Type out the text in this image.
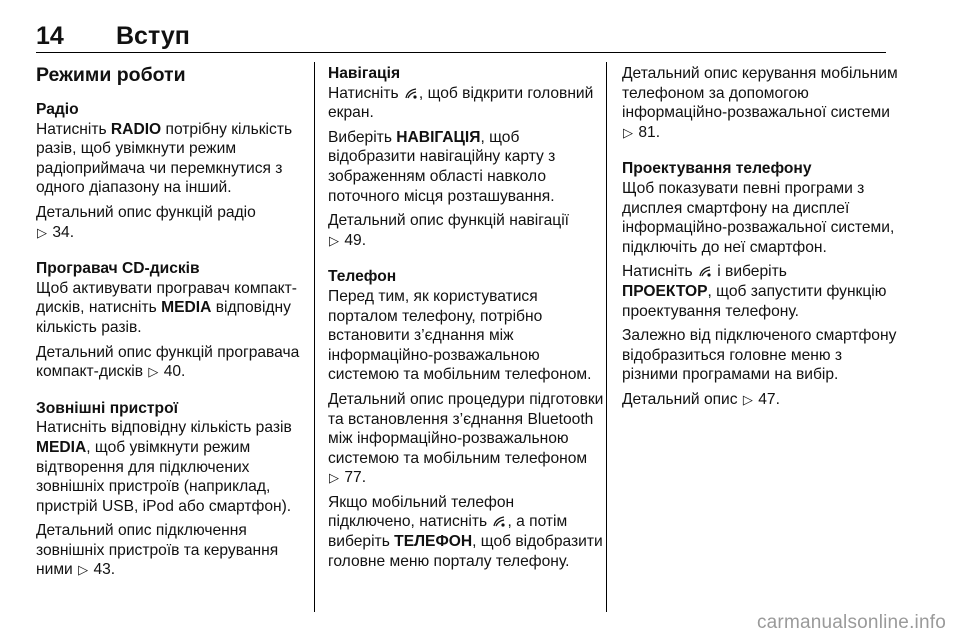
14 Вступ
Режими роботи
Радіо

Натисніть RADIO потрібну кількість разів, щоб увімкнути режим радіоприймача чи перемкнутися з одного діапазону на інший.

Детальний опис функцій радіо
▷ 34.

Програвач CD-дисків

Щоб активувати програвач компакт-дисків, натисніть MEDIA відповідну кількість разів.

Детальний опис функцій програвача компакт-дисків ▷ 40.

Зовнішні пристрої

Натисніть відповідну кількість разів MEDIA, щоб увімкнути режим відтворення для підключених зовнішніх пристроїв (наприклад, пристрій USB, iPod або смартфон).

Детальний опис підключення зовнішніх пристроїв та керування ними ▷ 43.

Навігація

Натисніть , щоб відкрити головний екран.

Виберіть НАВІГАЦІЯ, щоб відобразити навігаційну карту з зображенням області навколо поточного місця розташування.

Детальний опис функцій навігації
▷ 49.

Телефон

Перед тим, як користуватися порталом телефону, потрібно встановити з’єднання між інформаційно-розважальною системою та мобільним телефоном.

Детальний опис процедури підготовки та встановлення з’єднання Bluetooth між інформаційно-розважальною системою та мобільним телефоном
▷ 77.

Якщо мобільний телефон підключено, натисніть , а потім виберіть ТЕЛЕФОН, щоб відобразити головне меню порталу телефону.

Детальний опис керування мобільним телефоном за допомогою інформаційно-розважальної системи ▷ 81.

Проектування телефону

Щоб показувати певні програми з дисплея смартфону на дисплеї інформаційно-розважальної системи, підключіть до неї смартфон.

Натисніть  і виберіть
ПРОЕКТОР, щоб запустити функцію проектування телефону.

Залежно від підключеного смартфону відобразиться головне меню з різними програмами на вибір.

Детальний опис ▷ 47.

carmanualsonline.info
